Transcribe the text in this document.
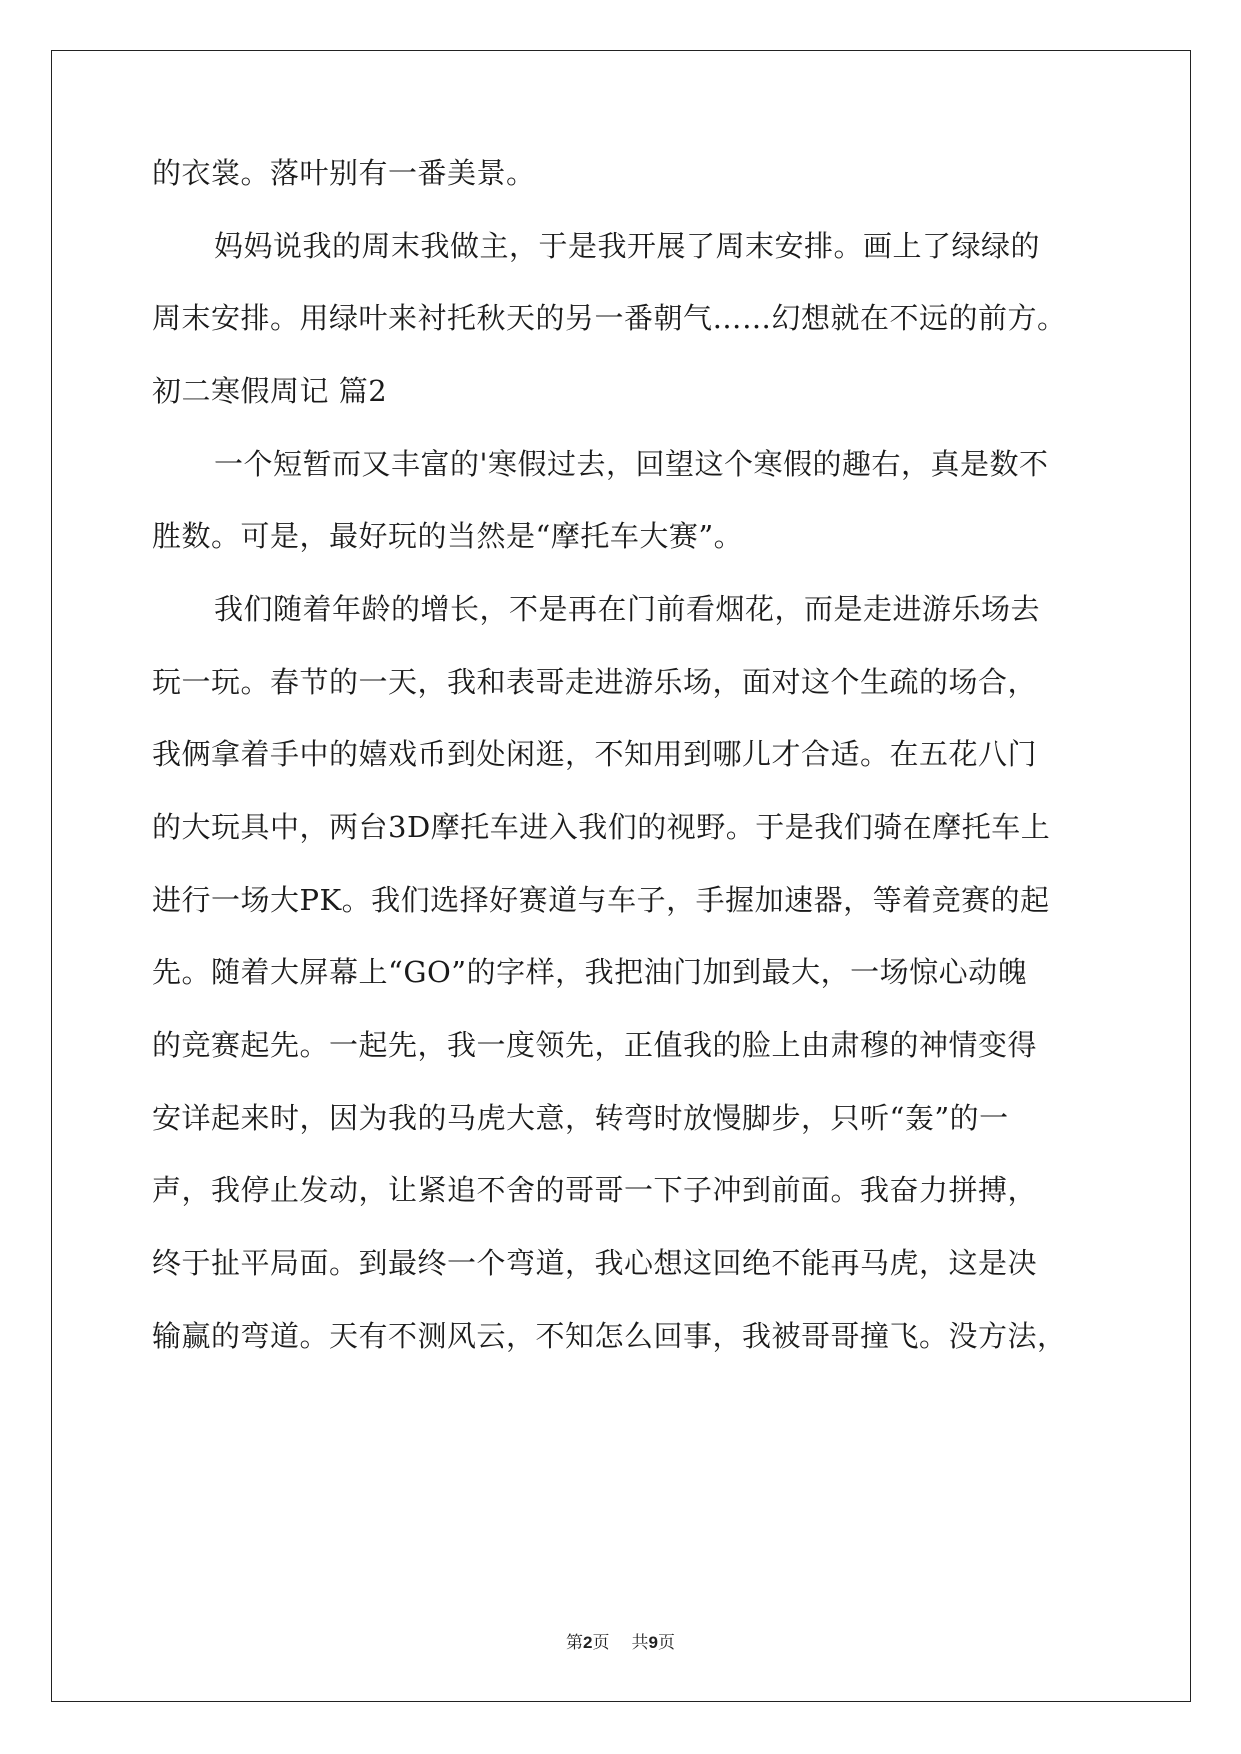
的衣裳。落叶别有一番美景。
妈妈说我的周末我做主，于是我开展了周末安排。画上了绿绿的
周末安排。用绿叶来衬托秋天的另一番朝气……幻想就在不远的前方。
初二寒假周记 篇2
一个短暂而又丰富的'寒假过去，回望这个寒假的趣右，真是数不
胜数。可是，最好玩的当然是“摩托车大赛”。
我们随着年龄的增长，不是再在门前看烟花，而是走进游乐场去
玩一玩。春节的一天，我和表哥走进游乐场，面对这个生疏的场合，
我俩拿着手中的嬉戏币到处闲逛，不知用到哪儿才合适。在五花八门
的大玩具中，两台3D摩托车进入我们的视野。于是我们骑在摩托车上
进行一场大PK。我们选择好赛道与车子，手握加速器，等着竞赛的起
先。随着大屏幕上“GO”的字样，我把油门加到最大，一场惊心动魄
的竞赛起先。一起先，我一度领先，正值我的脸上由肃穆的神情变得
安详起来时，因为我的马虎大意，转弯时放慢脚步，只听“轰”的一
声，我停止发动，让紧追不舍的哥哥一下子冲到前面。我奋力拼搏，
终于扯平局面。到最终一个弯道，我心想这回绝不能再马虎，这是决
输赢的弯道。天有不测风云，不知怎么回事，我被哥哥撞飞。没方法，
第2页 共9页
